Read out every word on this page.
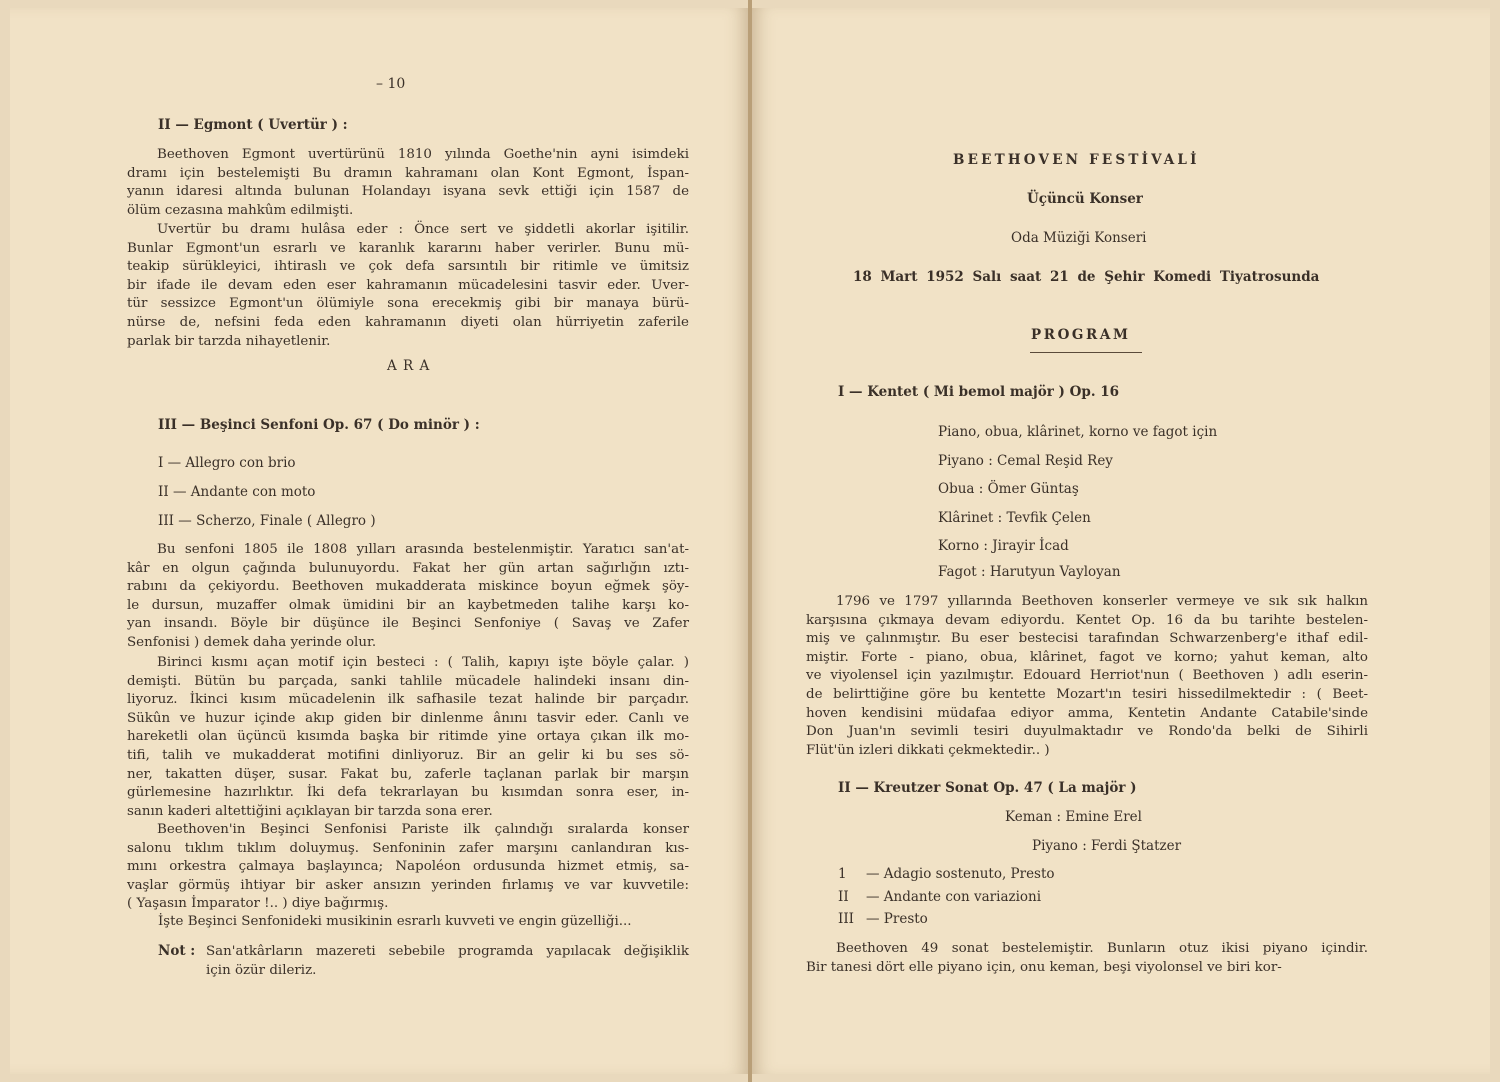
– 10
II — Egmont ( Uvertür ) :
Beethoven Egmont uvertürünü 1810 yılında Goethe'nin ayni isimdeki
dramı için bestelemişti Bu dramın kahramanı olan Kont Egmont, İspan-
yanın idaresi altında bulunan Holandayı isyana sevk ettiği için 1587 de
ölüm cezasına mahkûm edilmişti.
Uvertür bu dramı hulâsa eder : Önce sert ve şiddetli akorlar işitilir.
Bunlar Egmont'un esrarlı ve karanlık kararını haber verirler. Bunu mü-
teakip sürükleyici, ihtiraslı ve çok defa sarsıntılı bir ritimle ve ümitsiz
bir ifade ile devam eden eser kahramanın mücadelesini tasvir eder. Uver-
tür sessizce Egmont'un ölümiyle sona erecekmiş gibi bir manaya bürü-
nürse de, nefsini feda eden kahramanın diyeti olan hürriyetin zaferile
parlak bir tarzda nihayetlenir.
A R A
III — Beşinci Senfoni Op. 67 ( Do minör ) :
I — Allegro con brio
II — Andante con moto
III — Scherzo, Finale ( Allegro )
Bu senfoni 1805 ile 1808 yılları arasında bestelenmiştir. Yaratıcı san'at-
kâr en olgun çağında bulunuyordu. Fakat her gün artan sağırlığın ıztı-
rabını da çekiyordu. Beethoven mukadderata miskince boyun eğmek şöy-
le dursun, muzaffer olmak ümidini bir an kaybetmeden talihe karşı ko-
yan insandı. Böyle bir düşünce ile Beşinci Senfoniye ( Savaş ve Zafer
Senfonisi ) demek daha yerinde olur.
Birinci kısmı açan motif için besteci : ( Talih, kapıyı işte böyle çalar. )
demişti. Bütün bu parçada, sanki tahlile mücadele halindeki insanı din-
liyoruz. İkinci kısım mücadelenin ilk safhasile tezat halinde bir parçadır.
Sükûn ve huzur içinde akıp giden bir dinlenme ânını tasvir eder. Canlı ve
hareketli olan üçüncü kısımda başka bir ritimde yine ortaya çıkan ilk mo-
tifi, talih ve mukadderat motifini dinliyoruz. Bir an gelir ki bu ses sö-
ner, takatten düşer, susar. Fakat bu, zaferle taçlanan parlak bir marşın
gürlemesine hazırlıktır. İki defa tekrarlayan bu kısımdan sonra eser, in-
sanın kaderi altettiğini açıklayan bir tarzda sona erer.
Beethoven'in Beşinci Senfonisi Pariste ilk çalındığı sıralarda konser
salonu tıklım tıklım doluymuş. Senfoninin zafer marşını canlandıran kıs-
mını orkestra çalmaya başlayınca; Napoléon ordusunda hizmet etmiş, sa-
vaşlar görmüş ihtiyar bir asker ansızın yerinden fırlamış ve var kuvvetile:
( Yaşasın İmparator !.. ) diye bağırmış.
İşte Beşinci Senfonideki musikinin esrarlı kuvveti ve engin güzelliği...
Not : San'atkârların mazereti sebebile programda yapılacak değişiklik
için özür dileriz.
BEETHOVEN FESTİVALİ
Üçüncü Konser
Oda Müziği Konseri
18 Mart 1952 Salı saat 21 de Şehir Komedi Tiyatrosunda
PROGRAM
I — Kentet ( Mi bemol majör ) Op. 16
Piano, obua, klârinet, korno ve fagot için
Piyano : Cemal Reşid Rey
Obua : Ömer Güntaş
Klârinet : Tevfik Çelen
Korno : Jirayir İcad
Fagot : Harutyun Vayloyan
1796 ve 1797 yıllarında Beethoven konserler vermeye ve sık sık halkın
karşısına çıkmaya devam ediyordu. Kentet Op. 16 da bu tarihte bestelen-
miş ve çalınmıştır. Bu eser bestecisi tarafından Schwarzenberg'e ithaf edil-
miştir. Forte - piano, obua, klârinet, fagot ve korno; yahut keman, alto
ve viyolensel için yazılmıştır. Edouard Herriot'nun ( Beethoven ) adlı eserin-
de belirttiğine göre bu kentette Mozart'ın tesiri hissedilmektedir : ( Beet-
hoven kendisini müdafaa ediyor amma, Kentetin Andante Catabile'sinde
Don Juan'ın sevimli tesiri duyulmaktadır ve Rondo'da belki de Sihirli
Flüt'ün izleri dikkati çekmektedir.. )
II — Kreutzer Sonat Op. 47 ( La majör )
Keman : Emine Erel
Piyano : Ferdi Ştatzer
1 — Adagio sostenuto, Presto
II — Andante con variazioni
III — Presto
Beethoven 49 sonat bestelemiştir. Bunların otuz ikisi piyano içindir.
Bir tanesi dört elle piyano için, onu keman, beşi viyolonsel ve biri kor-
